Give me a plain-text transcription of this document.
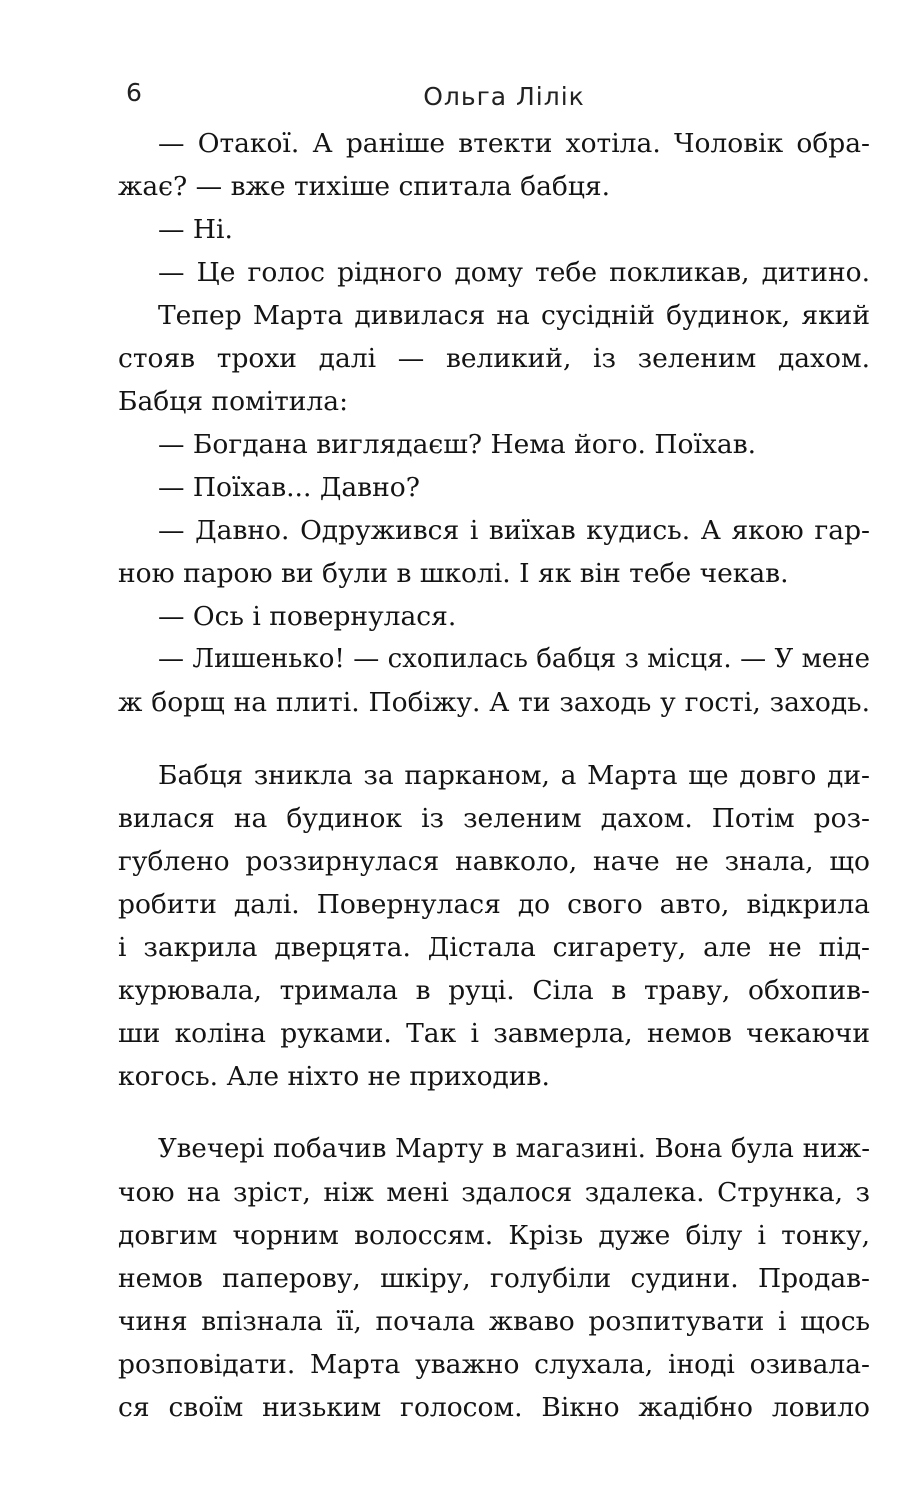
6	Ольга Лілік
— Отакої. А раніше втекти хотіла. Чоловік обра-
жає? — вже тихіше спитала бабця.
— Ні.
— Це голос рідного дому тебе покликав, дитино.
Тепер Марта дивилася на сусідній будинок, який
стояв трохи далі — великий, із зеленим дахом.
Бабця помітила:
— Богдана виглядаєш? Нема його. Поїхав.
— Поїхав... Давно?
— Давно. Одружився і виїхав кудись. А якою гар-
ною парою ви були в школі. І як він тебе чекав.
— Ось і повернулася.
— Лишенько! — схопилась бабця з місця. — У мене
ж борщ на плиті. Побіжу. А ти заходь у гості, заходь.
Бабця зникла за парканом, а Марта ще довго ди-
вилася на будинок із зеленим дахом. Потім роз-
гублено роззирнулася навколо, наче не знала, що
робити далі. Повернулася до свого авто, відкрила
і закрила дверцята. Дістала сигарету, але не під-
курювала, тримала в руці. Сіла в траву, обхопив-
ши коліна руками. Так і завмерла, немов чекаючи
когось. Але ніхто не приходив.
Увечері побачив Марту в магазині. Вона була ниж-
чою на зріст, ніж мені здалося здалека. Струнка, з
довгим чорним волоссям. Крізь дуже білу і тонку,
немов паперову, шкіру, голубіли судини. Продав-
чиня впізнала її, почала жваво розпитувати і щось
розповідати. Марта уважно слухала, іноді озивала-
ся своїм низьким голосом. Вікно жадібно ловило
